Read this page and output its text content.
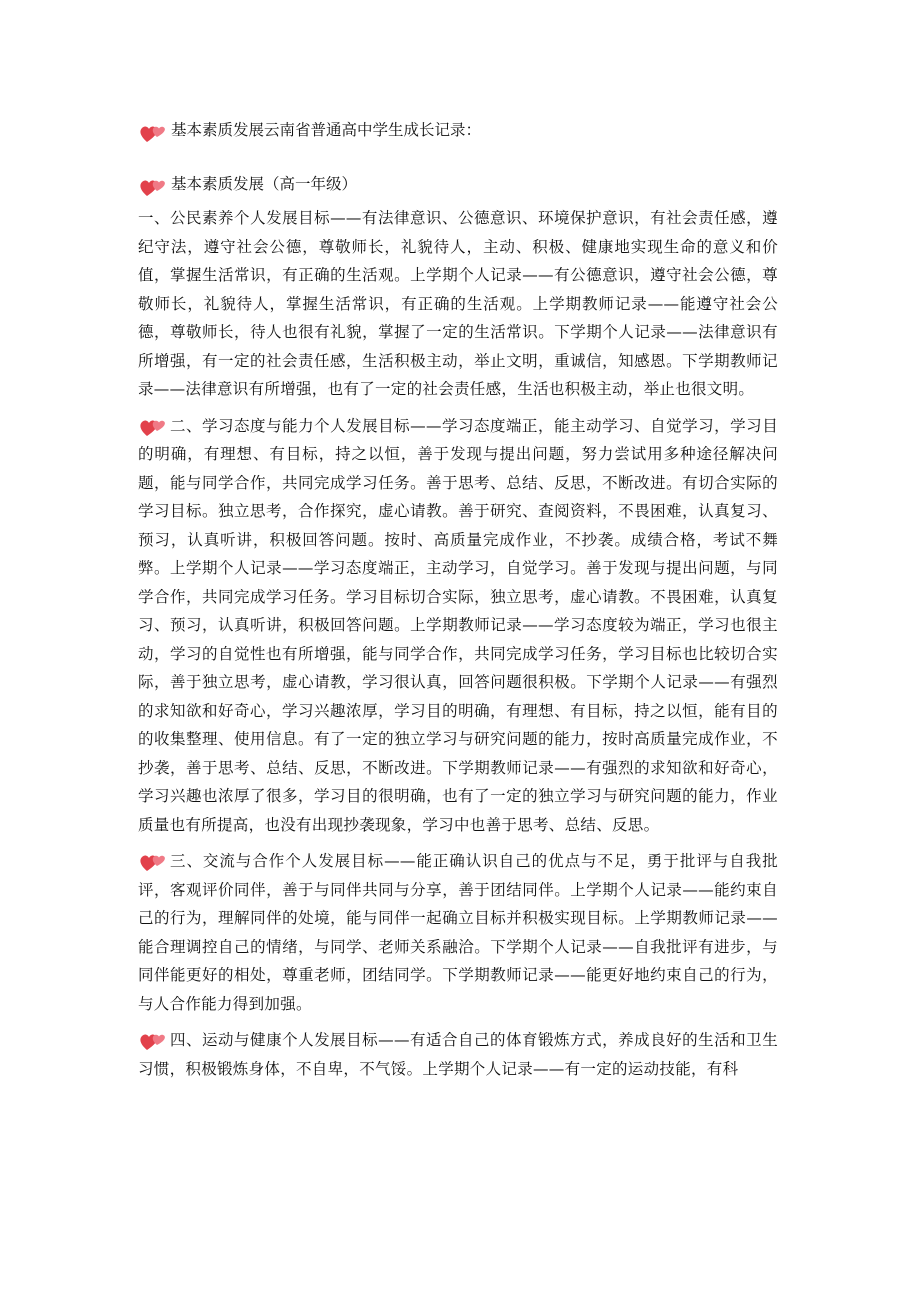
基本素质发展云南省普通高中学生成长记录：
基本素质发展（高一年级）

一、公民素养个人发展目标——有法律意识、公德意识、环境保护意识，有社会责任感，遵纪守法，遵守社会公德，尊敬师长，礼貌待人，主动、积极、健康地实现生命的意义和价值，掌握生活常识，有正确的生活观。上学期个人记录——有公德意识，遵守社会公德，尊敬师长，礼貌待人，掌握生活常识，有正确的生活观。上学期教师记录——能遵守社会公德，尊敬师长，待人也很有礼貌，掌握了一定的生活常识。下学期个人记录——法律意识有所增强，有一定的社会责任感，生活积极主动，举止文明，重诚信，知感恩。下学期教师记录——法律意识有所增强，也有了一定的社会责任感，生活也积极主动，举止也很文明。

二、学习态度与能力个人发展目标——学习态度端正，能主动学习、自觉学习，学习目的明确，有理想、有目标，持之以恒，善于发现与提出问题，努力尝试用多种途径解决问题，能与同学合作，共同完成学习任务。善于思考、总结、反思，不断改进。有切合实际的学习目标。独立思考，合作探究，虚心请教。善于研究、查阅资料，不畏困难，认真复习、预习，认真听讲，积极回答问题。按时、高质量完成作业，不抄袭。成绩合格，考试不舞弊。上学期个人记录——学习态度端正，主动学习，自觉学习。善于发现与提出问题，与同学合作，共同完成学习任务。学习目标切合实际，独立思考，虚心请教。不畏困难，认真复习、预习，认真听讲，积极回答问题。上学期教师记录——学习态度较为端正，学习也很主动，学习的自觉性也有所增强，能与同学合作，共同完成学习任务，学习目标也比较切合实际，善于独立思考，虚心请教，学习很认真，回答问题很积极。下学期个人记录——有强烈的求知欲和好奇心，学习兴趣浓厚，学习目的明确，有理想、有目标，持之以恒，能有目的的收集整理、使用信息。有了一定的独立学习与研究问题的能力，按时高质量完成作业，不抄袭，善于思考、总结、反思，不断改进。下学期教师记录——有强烈的求知欲和好奇心，学习兴趣也浓厚了很多，学习目的很明确，也有了一定的独立学习与研究问题的能力，作业质量也有所提高，也没有出现抄袭现象，学习中也善于思考、总结、反思。

三、交流与合作个人发展目标——能正确认识自己的优点与不足，勇于批评与自我批评，客观评价同伴，善于与同伴共同与分享，善于团结同伴。上学期个人记录——能约束自己的行为，理解同伴的处境，能与同伴一起确立目标并积极实现目标。上学期教师记录——能合理调控自己的情绪，与同学、老师关系融洽。下学期个人记录——自我批评有进步，与同伴能更好的相处，尊重老师，团结同学。下学期教师记录——能更好地约束自己的行为，与人合作能力得到加强。

四、运动与健康个人发展目标——有适合自己的体育锻炼方式，养成良好的生活和卫生习惯，积极锻炼身体，不自卑，不气馁。上学期个人记录——有一定的运动技能，有科
